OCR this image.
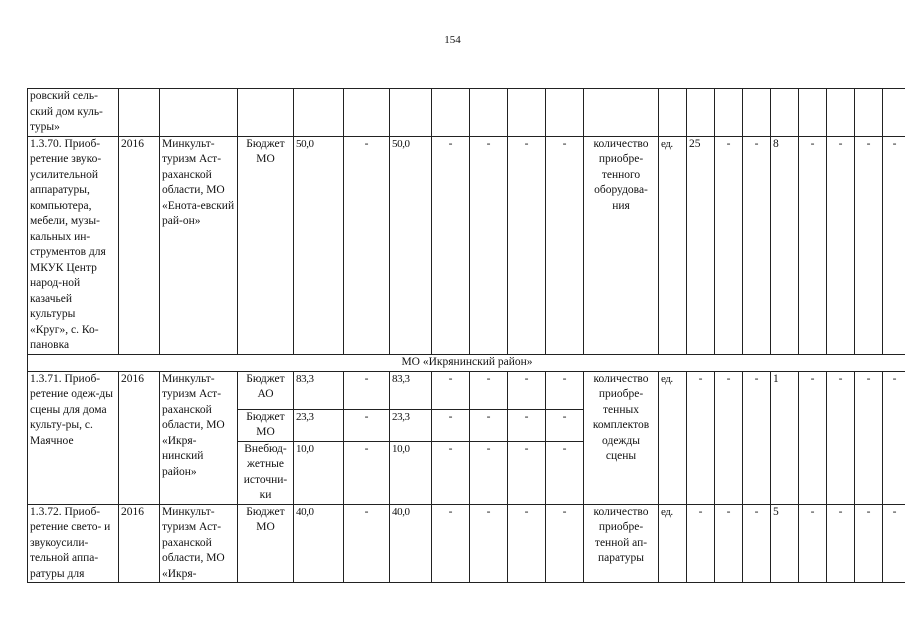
154
ровский сель-ский дом куль-туры»																				
1.3.70. Приоб-ретение звуко-усилительной аппаратуры, компьютера, мебели, музы-кальных ин-струментов для МКУК Центр народ-ной казачьей культуры «Круг», с. Ко-пановка	2016	Минкульт-туризм Аст-раханской области, МО «Енота-евский рай-он»	Бюджет МО	50,0	-	50,0	-	-	-	-	количество приобре-тенного оборудова-ния	ед.	25	-	-	8	-	-	-	-
МО «Икрянинский район»																				
1.3.71. Приоб-ретение одеж-ды сцены для дома культу-ры, с. Маячное	2016	Минкульт-туризм Аст-раханской области, МО «Икря-нинский район»	Бюджет АО	83,3	-	83,3	-	-	-	-	количество приобре-тенных комплектов одежды сцены	ед.	-	-	-	1	-	-	-	-
			Бюджет МО	23,3	-	23,3	-	-	-	-										
			Внебюд-жетные источни-ки	10,0	-	10,0	-	-	-	-										
1.3.72. Приоб-ретение свето- и звукоусили-тельной аппа-ратуры для	2016	Минкульт-туризм Аст-раханской области, МО «Икря-	Бюджет МО	40,0	-	40,0	-	-	-	-	количество приобре-тенной ап-паратуры	ед.	-	-	-	5	-	-	-	-
